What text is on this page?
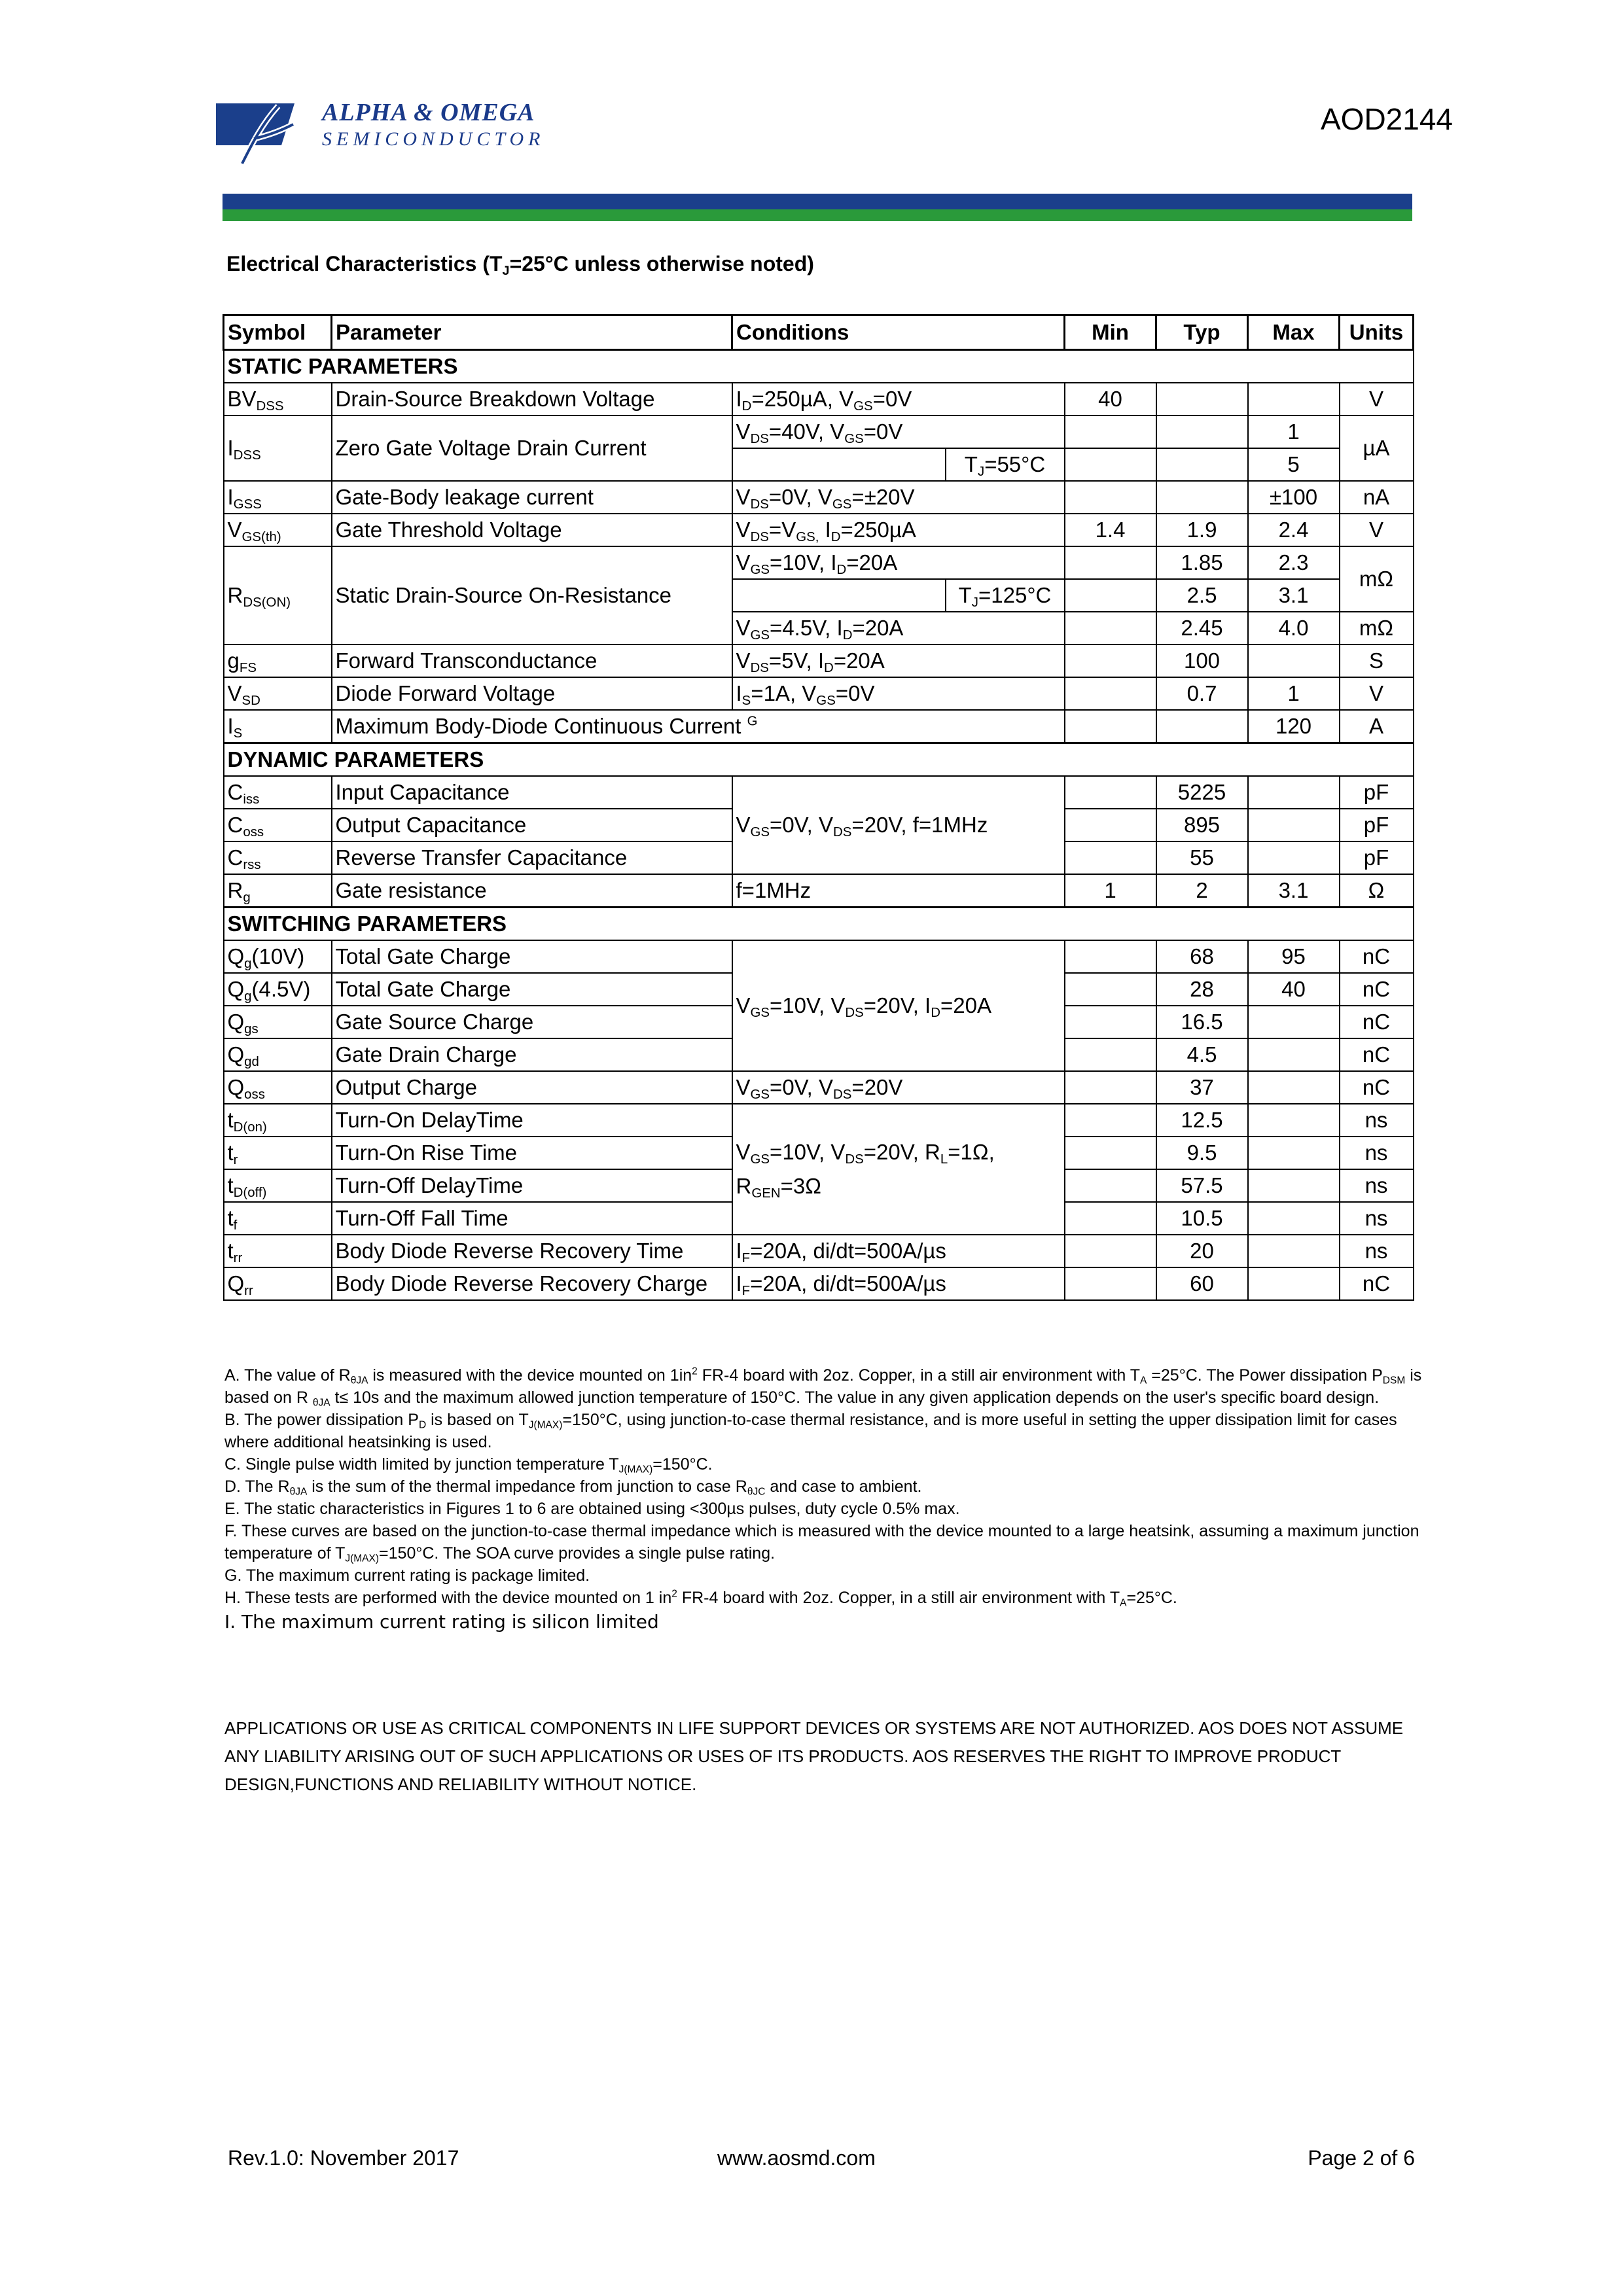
ALPHA & OMEGA
SEMICONDUCTOR
AOD2144
Electrical Characteristics ($T_J=25^\circ C$ unless otherwise noted)
Symbol	Parameter	Conditions		Min	Typ	Max	Units
STATIC PARAMETERS							
$BV_{DSS}$	Drain-Source Breakdown Voltage	$I_D=250\mu A$, $V_{GS}=0V$		40			V
$I_{DSS}$	Zero Gate Voltage Drain Current	$V_{DS}=40V$, $V_{GS}=0V$				1	µA
			$T_J=55^\circ C$			5	
$I_{GSS}$	Gate-Body leakage current	$V_{DS}=0V$, $V_{GS}=\pm 20V$				±100	nA
$V_{GS(th)}$	Gate Threshold Voltage	$V_{DS}=V_{GS,}$ $I_D=250\mu A$		1.4	1.9	2.4	V
$R_{DS(ON)}$	Static Drain-Source On-Resistance	$V_{GS}=10V$, $I_D=20A$			1.85	2.3	mΩ
			$T_J=125^\circ C$		2.5	3.1	
		$V_{GS}=4.5V$, $I_D=20A$			2.45	4.0	mΩ
$g_{FS}$	Forward Transconductance	$V_{DS}=5V$, $I_D=20A$			100		S
$V_{SD}$	Diode Forward Voltage	$I_S=1A$, $V_{GS}=0V$			0.7	1	V
$I_S$	Maximum Body-Diode Continuous Current $^G$					120	A
DYNAMIC PARAMETERS							
$C_{iss}$	Input Capacitance	$V_{GS}=0V$, $V_{DS}=20V$, f=1MHz			5225		pF
$C_{oss}$	Output Capacitance				895		pF
$C_{rss}$	Reverse Transfer Capacitance				55		pF
$R_g$	Gate resistance	f=1MHz		1	2	3.1	Ω
SWITCHING PARAMETERS							
$Q_g(10V)$	Total Gate Charge	$V_{GS}=10V$, $V_{DS}=20V$, $I_D=20A$			68	95	nC
$Q_g(4.5V)$	Total Gate Charge				28	40	nC
$Q_{gs}$	Gate Source Charge				16.5		nC
$Q_{gd}$	Gate Drain Charge				4.5		nC
$Q_{oss}$	Output Charge	$V_{GS}=0V$, $V_{DS}=20V$			37		nC
$t_{D(on)}$	Turn-On DelayTime	$V_{GS}=10V$, $V_{DS}=20V$, $R_L=1\Omega$,
$R_{GEN}=3\Omega$			12.5		ns
$t_r$	Turn-On Rise Time				9.5		ns
$t_{D(off)}$	Turn-Off DelayTime				57.5		ns
$t_f$	Turn-Off Fall Time				10.5		ns
$t_{rr}$	Body Diode Reverse Recovery Time	$I_F=20A$, di/dt=500A/µs			20		ns
$Q_{rr}$	Body Diode Reverse Recovery Charge	$I_F=20A$, di/dt=500A/µs			60		nC

A. The value of $R_{\theta JA}$ is measured with the device mounted on $1in^2$ FR-4 board with 2oz. Copper, in a still air environment with $T_A =25^\circ C$. The Power dissipation $P_{DSM}$ is based on R $_{\theta JA}$ t≤ 10s and the maximum allowed junction temperature of 150°C. The value in any given application depends on the user's specific board design.

B. The power dissipation $P_D$ is based on $T_{J(MAX)}=150^\circ C$, using junction-to-case thermal resistance, and is more useful in setting the upper dissipation limit for cases where additional heatsinking is used.

C. Single pulse width limited by junction temperature $T_{J(MAX)}=150^\circ C$.

D. The $R_{\theta JA}$ is the sum of the thermal impedance from junction to case $R_{\theta JC}$ and case to ambient.

E. The static characteristics in Figures 1 to 6 are obtained using <300µs pulses, duty cycle 0.5% max.

F. These curves are based on the junction-to-case thermal impedance which is measured with the device mounted to a large heatsink, assuming a maximum junction temperature of $T_{J(MAX)}=150^\circ C$. The SOA curve provides a single pulse rating.

G. The maximum current rating is package limited.

H. These tests are performed with the device mounted on 1 $in^2$ FR-4 board with 2oz. Copper, in a still air environment with $T_A=25^\circ C$.

I. The maximum current rating is silicon limited

APPLICATIONS OR USE AS CRITICAL COMPONENTS IN LIFE SUPPORT DEVICES OR SYSTEMS ARE NOT AUTHORIZED. AOS DOES NOT ASSUME ANY LIABILITY ARISING OUT OF SUCH APPLICATIONS OR USES OF ITS PRODUCTS. AOS RESERVES THE RIGHT TO IMPROVE PRODUCT DESIGN,FUNCTIONS AND RELIABILITY WITHOUT NOTICE.
Rev.1.0: November 2017	www.aosmd.com	Page 2 of 6
